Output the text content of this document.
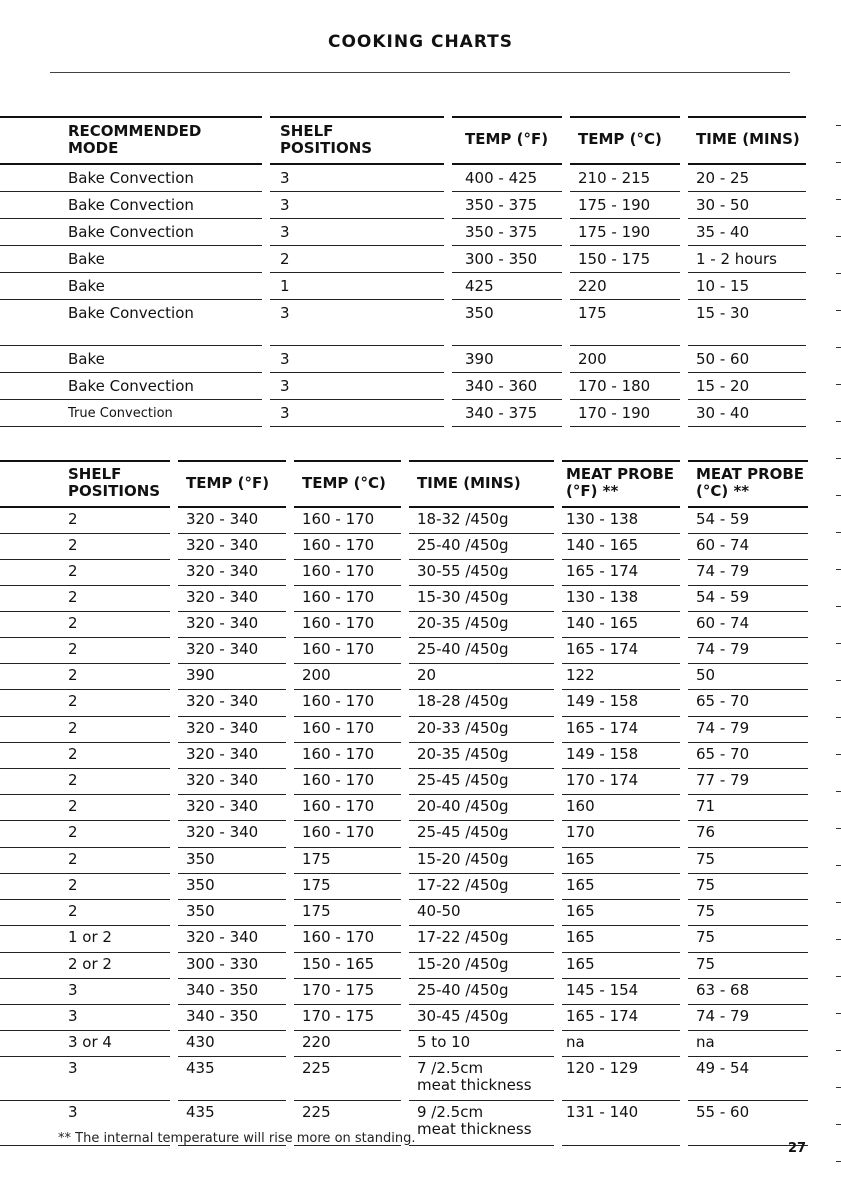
COOKING CHARTS
RECOMMENDED
MODE		SHELF
POSITIONS		TEMP (°F)		TEMP (°C)		TIME (MINS)

Bake Convection		3		400 - 425		210 - 215		20 - 25

Bake Convection		3		350 - 375		175 - 190		30 - 50

Bake Convection		3		350 - 375		175 - 190		35 - 40

Bake		2		300 - 350		150 - 175		1 - 2 hours

Bake		1		425		220		10 - 15

Bake Convection		3		350		175		15 - 30

Bake		3		390		200		50 - 60

Bake Convection		3		340 - 360		170 - 180		15 - 20

True Convection		3		340 - 375		170 - 190		30 - 40
SHELF
POSITIONS		TEMP (°F)		TEMP (°C)		TIME (MINS)		MEAT PROBE
(°F) **		MEAT PROBE
(°C) **

2		320 - 340		160 - 170		18-32 /450g		130 - 138		54 - 59

2		320 - 340		160 - 170		25-40 /450g		140 - 165		60 - 74

2		320 - 340		160 - 170		30-55 /450g		165 - 174		74 - 79

2		320 - 340		160 - 170		15-30 /450g		130 - 138		54 - 59

2		320 - 340		160 - 170		20-35 /450g		140 - 165		60 - 74

2		320 - 340		160 - 170		25-40 /450g		165 - 174		74 - 79

2		390		200		20		122		50

2		320 - 340		160 - 170		18-28 /450g		149 - 158		65 - 70

2		320 - 340		160 - 170		20-33 /450g		165 - 174		74 - 79

2		320 - 340		160 - 170		20-35 /450g		149 - 158		65 - 70

2		320 - 340		160 - 170		25-45 /450g		170 - 174		77 - 79

2		320 - 340		160 - 170		20-40 /450g		160		71

2		320 - 340		160 - 170		25-45 /450g		170		76

2		350		175		15-20 /450g		165		75

2		350		175		17-22 /450g		165		75

2		350		175		40-50		165		75

1 or 2		320 - 340		160 - 170		17-22 /450g		165		75

2 or 2		300 - 330		150 - 165		15-20 /450g		165		75

3		340 - 350		170 - 175		25-40 /450g		145 - 154		63 - 68

3		340 - 350		170 - 175		30-45 /450g		165 - 174		74 - 79

3 or 4		430		220		5 to 10		na		na

3		435		225		7 /2.5cm
meat thickness		120 - 129		49 - 54

3		435		225		9 /2.5cm
meat thickness		131 - 140		55 - 60
** The internal temperature will rise more on standing.
27
